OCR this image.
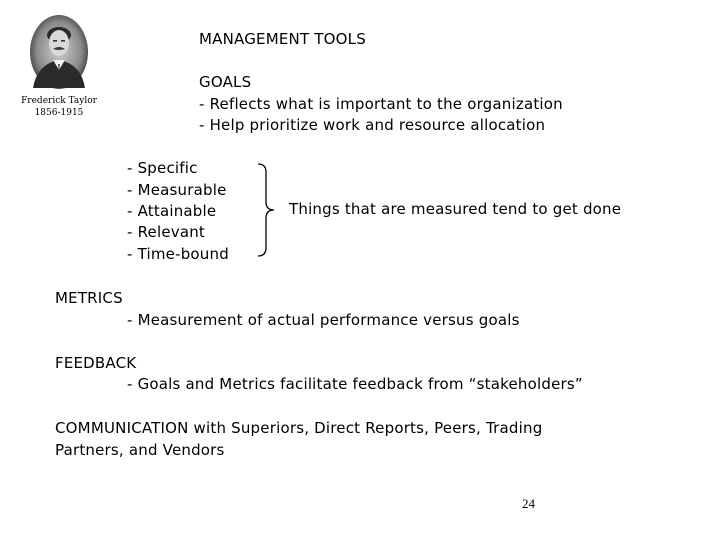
Frederick Taylor
1856-1915
MANAGEMENT TOOLS
GOALS
- Reflects what is important to the organization
- Help prioritize work and resource allocation
- Specific
- Measurable
- Attainable
- Relevant
- Time-bound
Things that are measured tend to get done
METRICS
- Measurement of actual performance versus goals
FEEDBACK
- Goals and Metrics facilitate feedback from “stakeholders”
COMMUNICATION with Superiors, Direct Reports, Peers, Trading
Partners, and Vendors
24
